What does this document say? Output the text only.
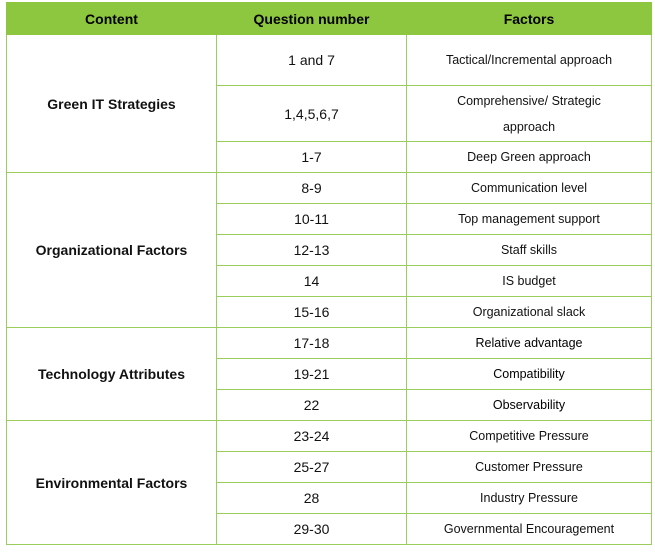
Content	Question number	Factors
Green IT Strategies	1 and 7	Tactical/Incremental approach
	1,4,5,6,7	Comprehensive/ Strategic approach
	1-7	Deep Green approach
Organizational Factors	8-9	Communication level
	10-11	Top management support
	12-13	Staff skills
	14	IS budget
	15-16	Organizational slack
Technology Attributes	17-18	Relative advantage
	19-21	Compatibility
	22	Observability
Environmental Factors	23-24	Competitive Pressure
	25-27	Customer Pressure
	28	Industry Pressure
	29-30	Governmental Encouragement
